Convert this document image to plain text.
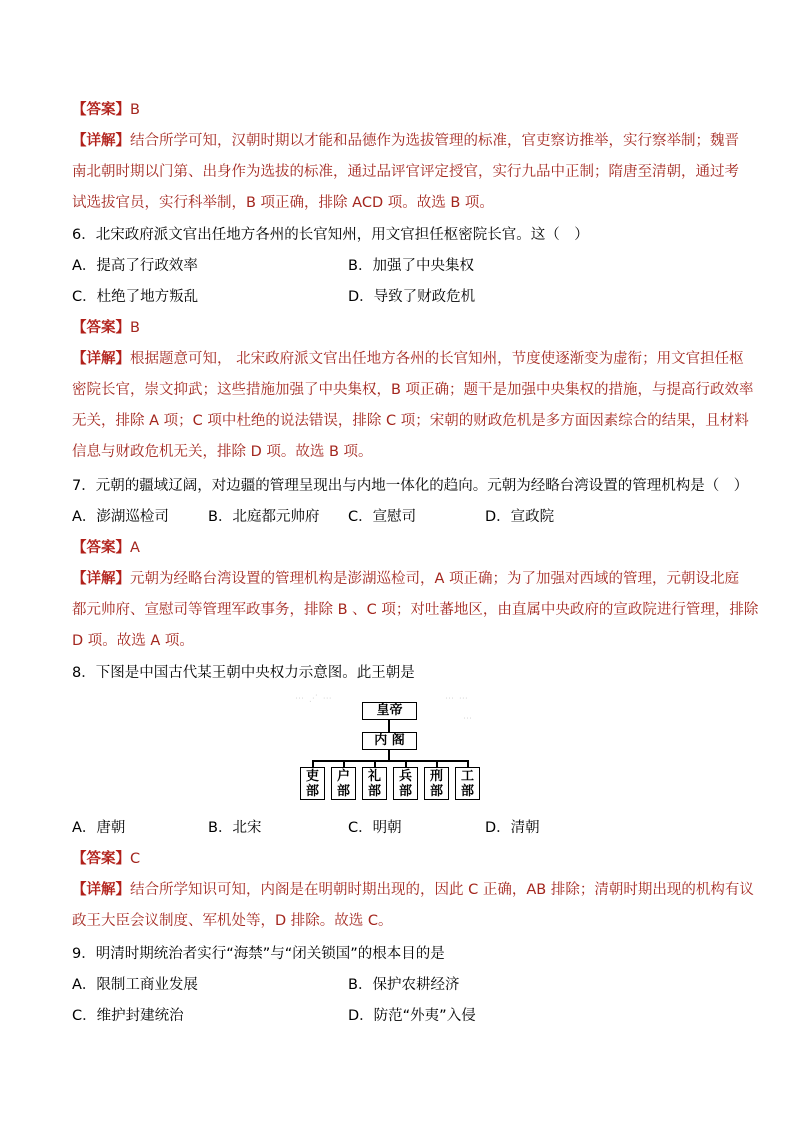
【答案】B
【详解】结合所学可知，汉朝时期以才能和品德作为选拔管理的标准，官吏察访推举，实行察举制；魏晋
南北朝时期以门第、出身作为选拔的标准，通过品评官评定授官，实行九品中正制；隋唐至清朝，通过考
试选拔官员，实行科举制，B 项正确，排除 ACD 项。故选 B 项。
6．北宋政府派文官出任地方各州的长官知州，用文官担任枢密院长官。这（　）
A．提高了行政效率	B．加强了中央集权
C．杜绝了地方叛乱	D．导致了财政危机
【答案】B
【详解】根据题意可知， 北宋政府派文官出任地方各州的长官知州，节度使逐渐变为虚衔；用文官担任枢
密院长官，崇文抑武；这些措施加强了中央集权，B 项正确；题干是加强中央集权的措施，与提高行政效率
无关，排除 A 项；C 项中杜绝的说法错误，排除 C 项；宋朝的财政危机是多方面因素综合的结果，且材料
信息与财政危机无关，排除 D 项。故选 B 项。
7．元朝的疆域辽阔，对边疆的管理呈现出与内地一体化的趋向。元朝为经略台湾设置的管理机构是（　）
A．澎湖巡检司	B．北庭都元帅府 C．宣慰司	D．宣政院
【答案】A
【详解】元朝为经略台湾设置的管理机构是澎湖巡检司，A 项正确；为了加强对西域的管理，元朝设北庭
都元帅府、宣慰司等管理军政事务，排除 B 、C 项；对吐蕃地区，由直属中央政府的宣政院进行管理，排除
D 项。故选 A 项。
8．下图是中国古代某王朝中央权力示意图。此王朝是
⋯ ⋰ ⋯	⋯ ⋯
⋯
皇帝
内 阁
吏部
户部
礼部
兵部
刑部
工部
A．唐朝	B．北宋	C．明朝	D．清朝
【答案】C
【详解】结合所学知识可知，内阁是在明朝时期出现的，因此 C 正确，AB 排除；清朝时期出现的机构有议
政王大臣会议制度、军机处等，D 排除。故选 C。
9．明清时期统治者实行“海禁”与“闭关锁国”的根本目的是
A．限制工商业发展	B．保护农耕经济
C．维护封建统治	D．防范“外夷”入侵
